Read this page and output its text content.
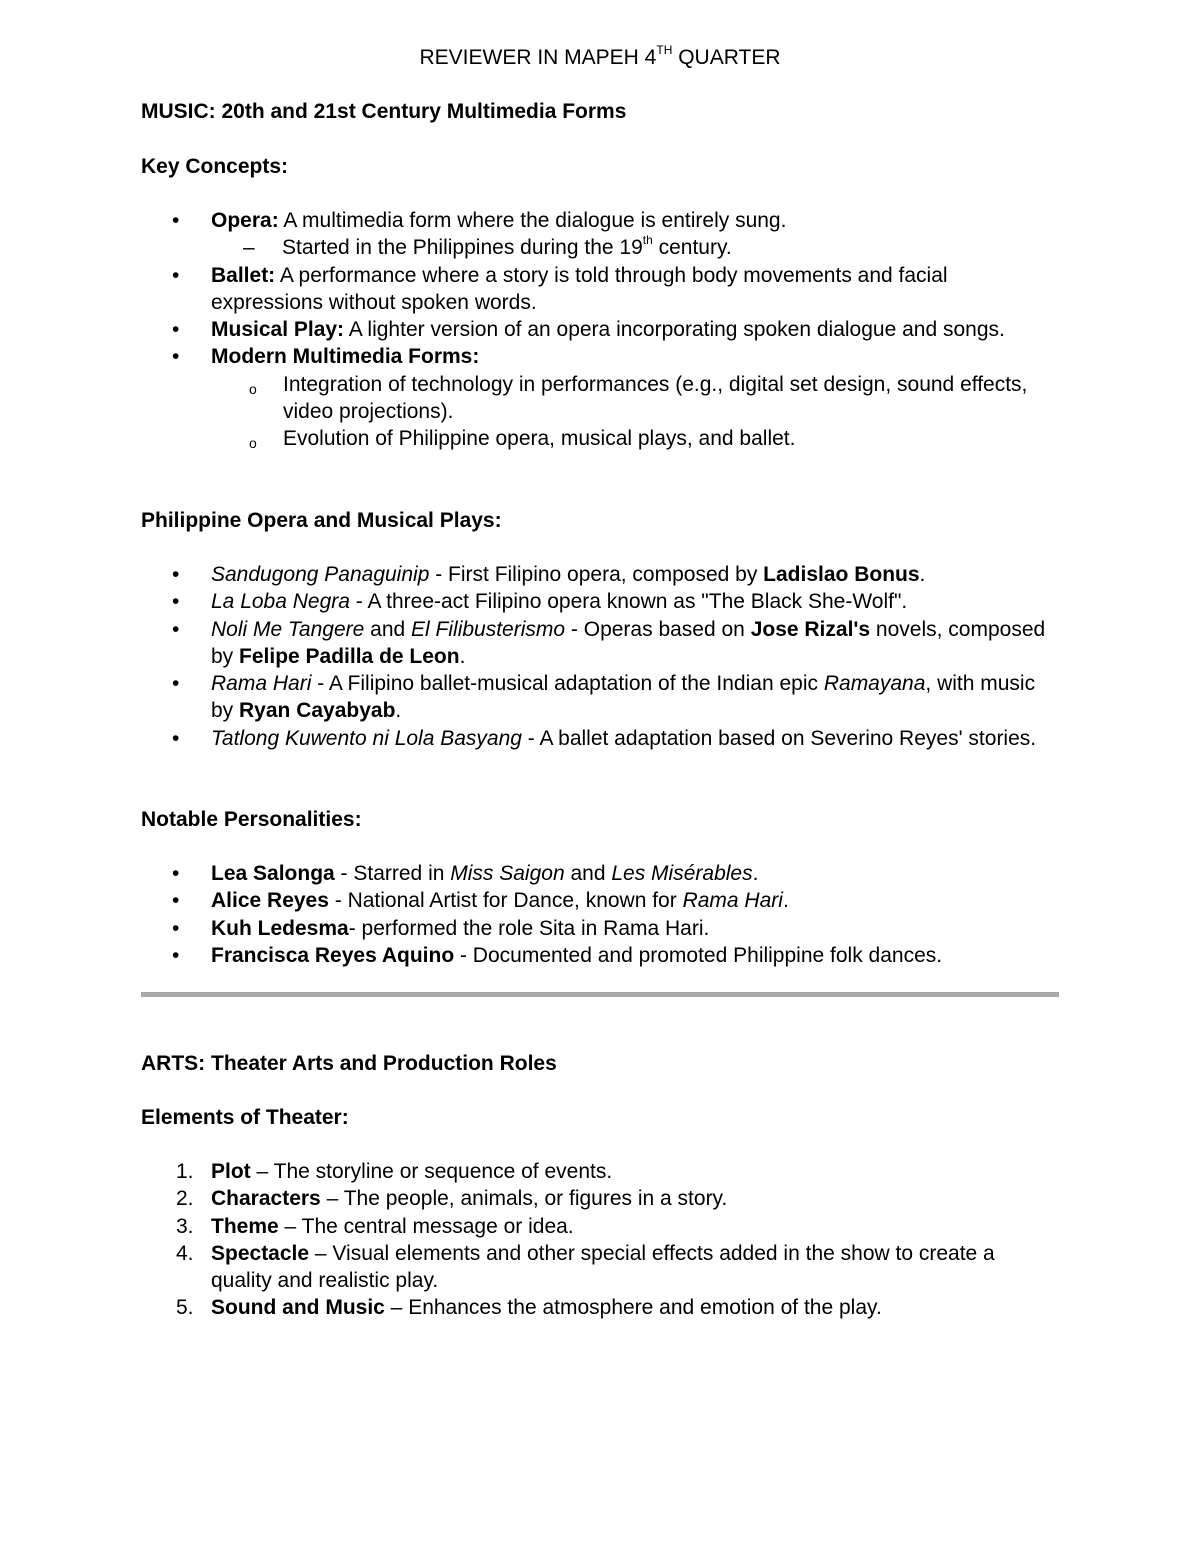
REVIEWER IN MAPEH 4TH QUARTER
MUSIC: 20th and 21st Century Multimedia Forms
Key Concepts:
• Opera: A multimedia form where the dialogue is entirely sung.
– Started in the Philippines during the 19th century.
• Ballet: A performance where a story is told through body movements and facial expressions without spoken words.
• Musical Play: A lighter version of an opera incorporating spoken dialogue and songs.
• Modern Multimedia Forms:
o Integration of technology in performances (e.g., digital set design, sound effects, video projections).
o Evolution of Philippine opera, musical plays, and ballet.
Philippine Opera and Musical Plays:
• Sandugong Panaguinip - First Filipino opera, composed by Ladislao Bonus.
• La Loba Negra - A three-act Filipino opera known as "The Black She-Wolf".
• Noli Me Tangere and El Filibusterismo - Operas based on Jose Rizal's novels, composed by Felipe Padilla de Leon.
• Rama Hari - A Filipino ballet-musical adaptation of the Indian epic Ramayana, with music by Ryan Cayabyab.
• Tatlong Kuwento ni Lola Basyang - A ballet adaptation based on Severino Reyes' stories.
Notable Personalities:
• Lea Salonga - Starred in Miss Saigon and Les Misérables.
• Alice Reyes - National Artist for Dance, known for Rama Hari.
• Kuh Ledesma- performed the role Sita in Rama Hari.
• Francisca Reyes Aquino - Documented and promoted Philippine folk dances.
ARTS: Theater Arts and Production Roles
Elements of Theater:
1. Plot – The storyline or sequence of events.
2. Characters – The people, animals, or figures in a story.
3. Theme – The central message or idea.
4. Spectacle – Visual elements and other special effects added in the show to create a quality and realistic play.
5. Sound and Music – Enhances the atmosphere and emotion of the play.
